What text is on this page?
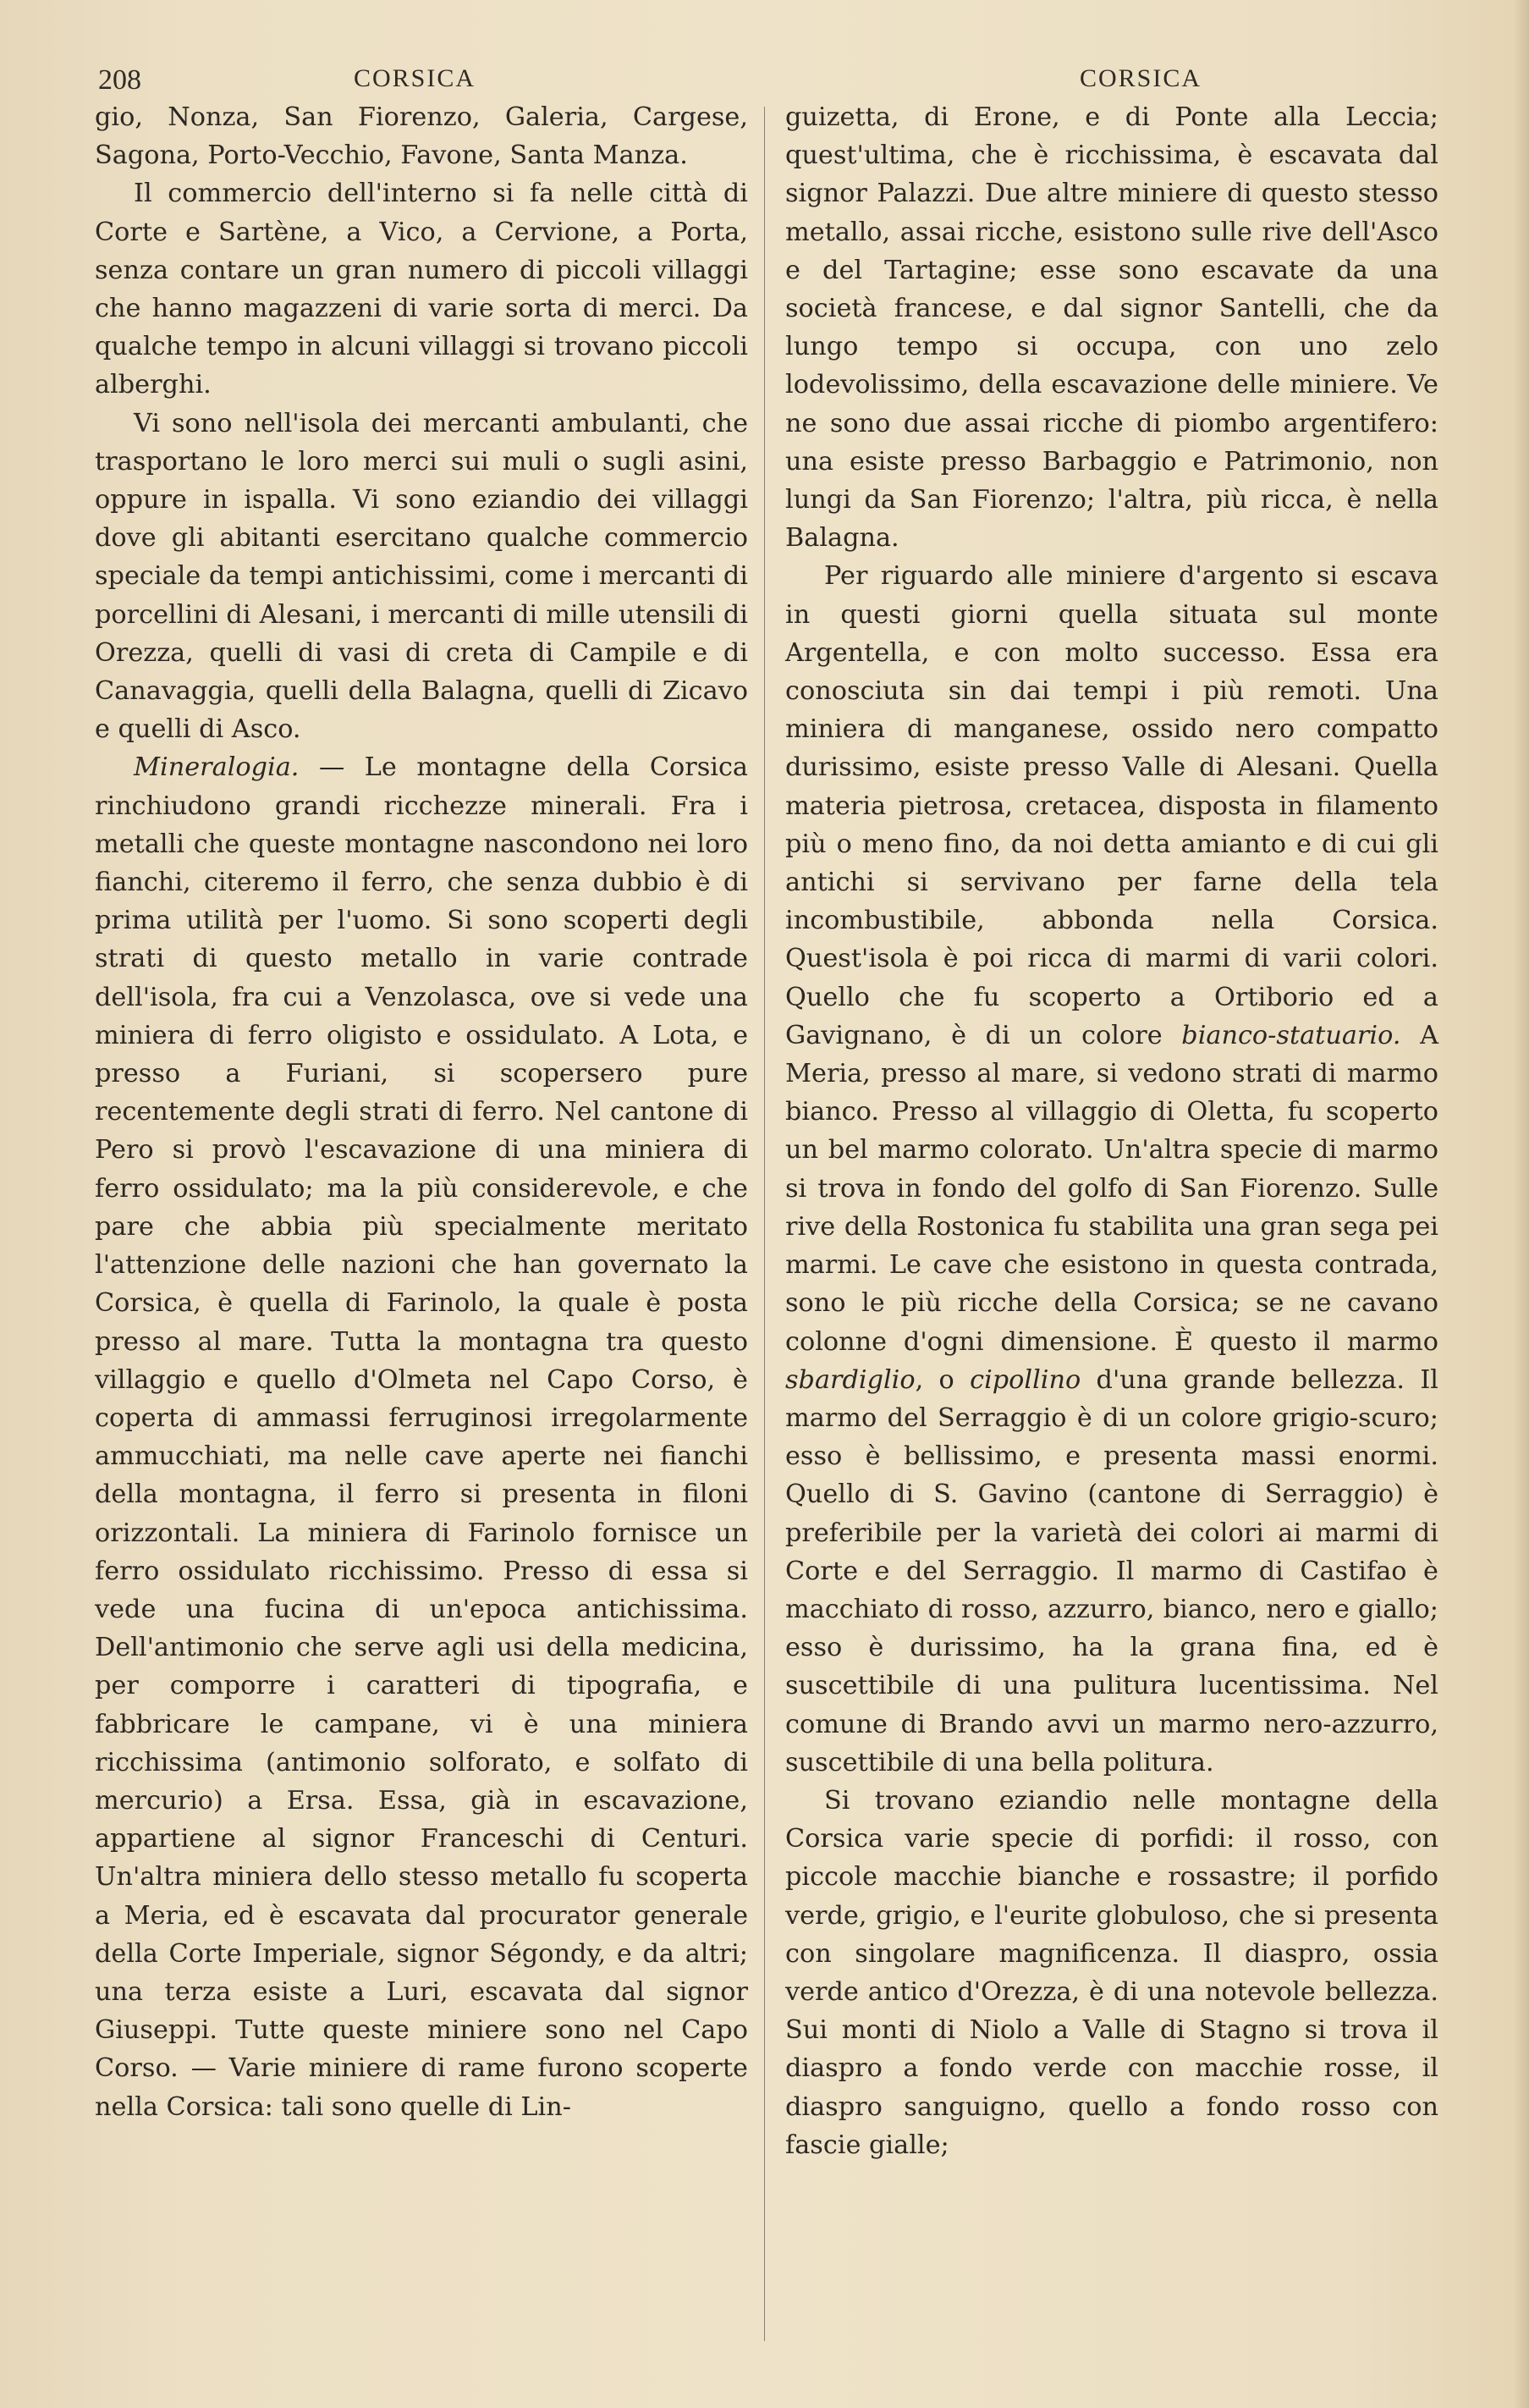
208	CORSICA	CORSICA

gio, Nonza, San Fiorenzo, Galeria, Cargese, Sagona, Porto-Vecchio, Favone, Santa Manza.

Il commercio dell'interno si fa nelle città di Corte e Sartène, a Vico, a Cervione, a Porta, senza contare un gran numero di piccoli villaggi che hanno magazzeni di varie sorta di merci. Da qualche tempo in alcuni villaggi si trovano piccoli alberghi.

Vi sono nell'isola dei mercanti ambulanti, che trasportano le loro merci sui muli o sugli asini, oppure in ispalla. Vi sono eziandio dei villaggi dove gli abitanti esercitano qualche commercio speciale da tempi antichissimi, come i mercanti di porcellini di Alesani, i mercanti di mille utensili di Orezza, quelli di vasi di creta di Campile e di Canavaggia, quelli della Balagna, quelli di Zicavo e quelli di Asco.

Mineralogia. — Le montagne della Corsica rinchiudono grandi ricchezze minerali. Fra i metalli che queste montagne nascondono nei loro fianchi, citeremo il ferro, che senza dubbio è di prima utilità per l'uomo. Si sono scoperti degli strati di questo metallo in varie contrade dell'isola, fra cui a Venzolasca, ove si vede una miniera di ferro oligisto e ossidulato. A Lota, e presso a Furiani, si scopersero pure recentemente degli strati di ferro. Nel cantone di Pero si provò l'escavazione di una miniera di ferro ossidulato; ma la più considerevole, e che pare che abbia più specialmente meritato l'attenzione delle nazioni che han governato la Corsica, è quella di Farinolo, la quale è posta presso al mare. Tutta la montagna tra questo villaggio e quello d'Olmeta nel Capo Corso, è coperta di ammassi ferruginosi irregolarmente ammucchiati, ma nelle cave aperte nei fianchi della montagna, il ferro si presenta in filoni orizzontali. La miniera di Farinolo fornisce un ferro ossidulato ricchissimo. Presso di essa si vede una fucina di un'epoca antichissima. Dell'antimonio che serve agli usi della medicina, per comporre i caratteri di tipografia, e fabbricare le campane, vi è una miniera ricchissima (antimonio solforato, e solfato di mercurio) a Ersa. Essa, già in escavazione, appartiene al signor Franceschi di Centuri. Un'altra miniera dello stesso metallo fu scoperta a Meria, ed è escavata dal procurator generale della Corte Imperiale, signor Ségondy, e da altri; una terza esiste a Luri, escavata dal signor Giuseppi. Tutte queste miniere sono nel Capo Corso. — Varie miniere di rame furono scoperte nella Corsica: tali sono quelle di Lin-

guizetta, di Erone, e di Ponte alla Leccia; quest'ultima, che è ricchissima, è escavata dal signor Palazzi. Due altre miniere di questo stesso metallo, assai ricche, esistono sulle rive dell'Asco e del Tartagine; esse sono escavate da una società francese, e dal signor Santelli, che da lungo tempo si occupa, con uno zelo lodevolissimo, della escavazione delle miniere. Ve ne sono due assai ricche di piombo argentifero: una esiste presso Barbaggio e Patrimonio, non lungi da San Fiorenzo; l'altra, più ricca, è nella Balagna.

Per riguardo alle miniere d'argento si escava in questi giorni quella situata sul monte Argentella, e con molto successo. Essa era conosciuta sin dai tempi i più remoti. Una miniera di manganese, ossido nero compatto durissimo, esiste presso Valle di Alesani. Quella materia pietrosa, cretacea, disposta in filamento più o meno fino, da noi detta amianto e di cui gli antichi si servivano per farne della tela incombustibile, abbonda nella Corsica. Quest'isola è poi ricca di marmi di varii colori. Quello che fu scoperto a Ortiborio ed a Gavignano, è di un colore bianco-statuario. A Meria, presso al mare, si vedono strati di marmo bianco. Presso al villaggio di Oletta, fu scoperto un bel marmo colorato. Un'altra specie di marmo si trova in fondo del golfo di San Fiorenzo. Sulle rive della Rostonica fu stabilita una gran sega pei marmi. Le cave che esistono in questa contrada, sono le più ricche della Corsica; se ne cavano colonne d'ogni dimensione. È questo il marmo sbardiglio, o cipollino d'una grande bellezza. Il marmo del Serraggio è di un colore grigio-scuro; esso è bellissimo, e presenta massi enormi. Quello di S. Gavino (cantone di Serraggio) è preferibile per la varietà dei colori ai marmi di Corte e del Serraggio. Il marmo di Castifao è macchiato di rosso, azzurro, bianco, nero e giallo; esso è durissimo, ha la grana fina, ed è suscettibile di una pulitura lucentissima. Nel comune di Brando avvi un marmo nero-azzurro, suscettibile di una bella politura.

Si trovano eziandio nelle montagne della Corsica varie specie di porfidi: il rosso, con piccole macchie bianche e rossastre; il porfido verde, grigio, e l'eurite globuloso, che si presenta con singolare magnificenza. Il diaspro, ossia verde antico d'Orezza, è di una notevole bellezza. Sui monti di Niolo a Valle di Stagno si trova il diaspro a fondo verde con macchie rosse, il diaspro sanguigno, quello a fondo rosso con fascie gialle;
